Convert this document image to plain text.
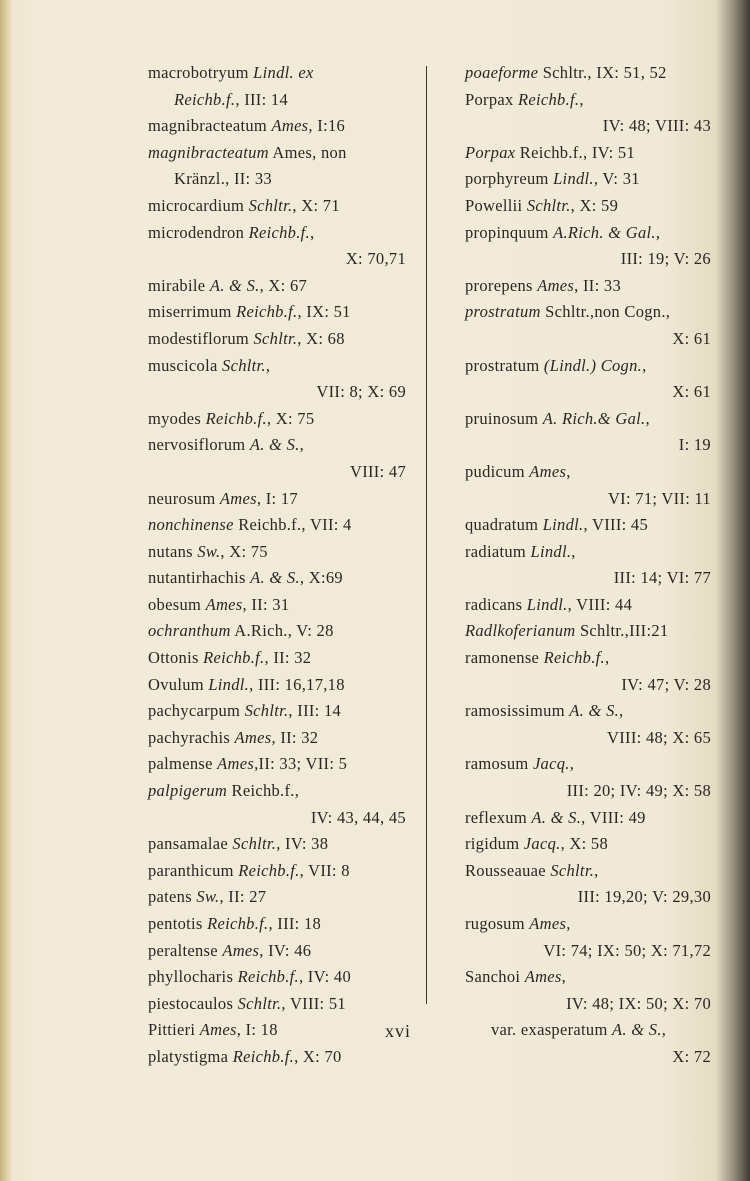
macrobotryum Lindl. ex
Reichb.f., III: 14
magnibracteatum Ames, I:16
magnibracteatum Ames, non
Kränzl., II: 33
microcardium Schltr., X: 71
microdendron Reichb.f.,
X: 70,71
mirabile A. & S., X: 67
miserrimum Reichb.f., IX: 51
modestiflorum Schltr., X: 68
muscicola Schltr.,
VII: 8; X: 69
myodes Reichb.f., X: 75
nervosiflorum A. & S.,
VIII: 47
neurosum Ames, I: 17
nonchinense Reichb.f., VII: 4
nutans Sw., X: 75
nutantirhachis A. & S., X:69
obesum Ames, II: 31
ochranthum A.Rich., V: 28
Ottonis Reichb.f., II: 32
Ovulum Lindl., III: 16,17,18
pachycarpum Schltr., III: 14
pachyrachis Ames, II: 32
palmense Ames,II: 33; VII: 5
palpigerum Reichb.f.,
IV: 43, 44, 45
pansamalae Schltr., IV: 38
paranthicum Reichb.f., VII: 8
patens Sw., II: 27
pentotis Reichb.f., III: 18
peraltense Ames, IV: 46
phyllocharis Reichb.f., IV: 40
piestocaulos Schltr., VIII: 51
Pittieri Ames, I: 18
platystigma Reichb.f., X: 70
poaeforme Schltr., IX: 51, 52
Porpax Reichb.f.,
IV: 48; VIII: 43
Porpax Reichb.f., IV: 51
porphyreum Lindl., V: 31
Powellii Schltr., X: 59
propinquum A.Rich. & Gal.,
III: 19; V: 26
prorepens Ames, II: 33
prostratum Schltr.,non Cogn.,
X: 61
prostratum (Lindl.) Cogn.,
X: 61
pruinosum A. Rich.& Gal.,
I: 19
pudicum Ames,
VI: 71; VII: 11
quadratum Lindl., VIII: 45
radiatum Lindl.,
III: 14; VI: 77
radicans Lindl., VIII: 44
Radlkoferianum Schltr.,III:21
ramonense Reichb.f.,
IV: 47; V: 28
ramosissimum A. & S.,
VIII: 48; X: 65
ramosum Jacq.,
III: 20; IV: 49; X: 58
reflexum A. & S., VIII: 49
rigidum Jacq., X: 58
Rousseauae Schltr.,
III: 19,20; V: 29,30
rugosum Ames,
VI: 74; IX: 50; X: 71,72
Sanchoi Ames,
IV: 48; IX: 50; X: 70
var. exasperatum A. & S.,
X: 72
xvi
